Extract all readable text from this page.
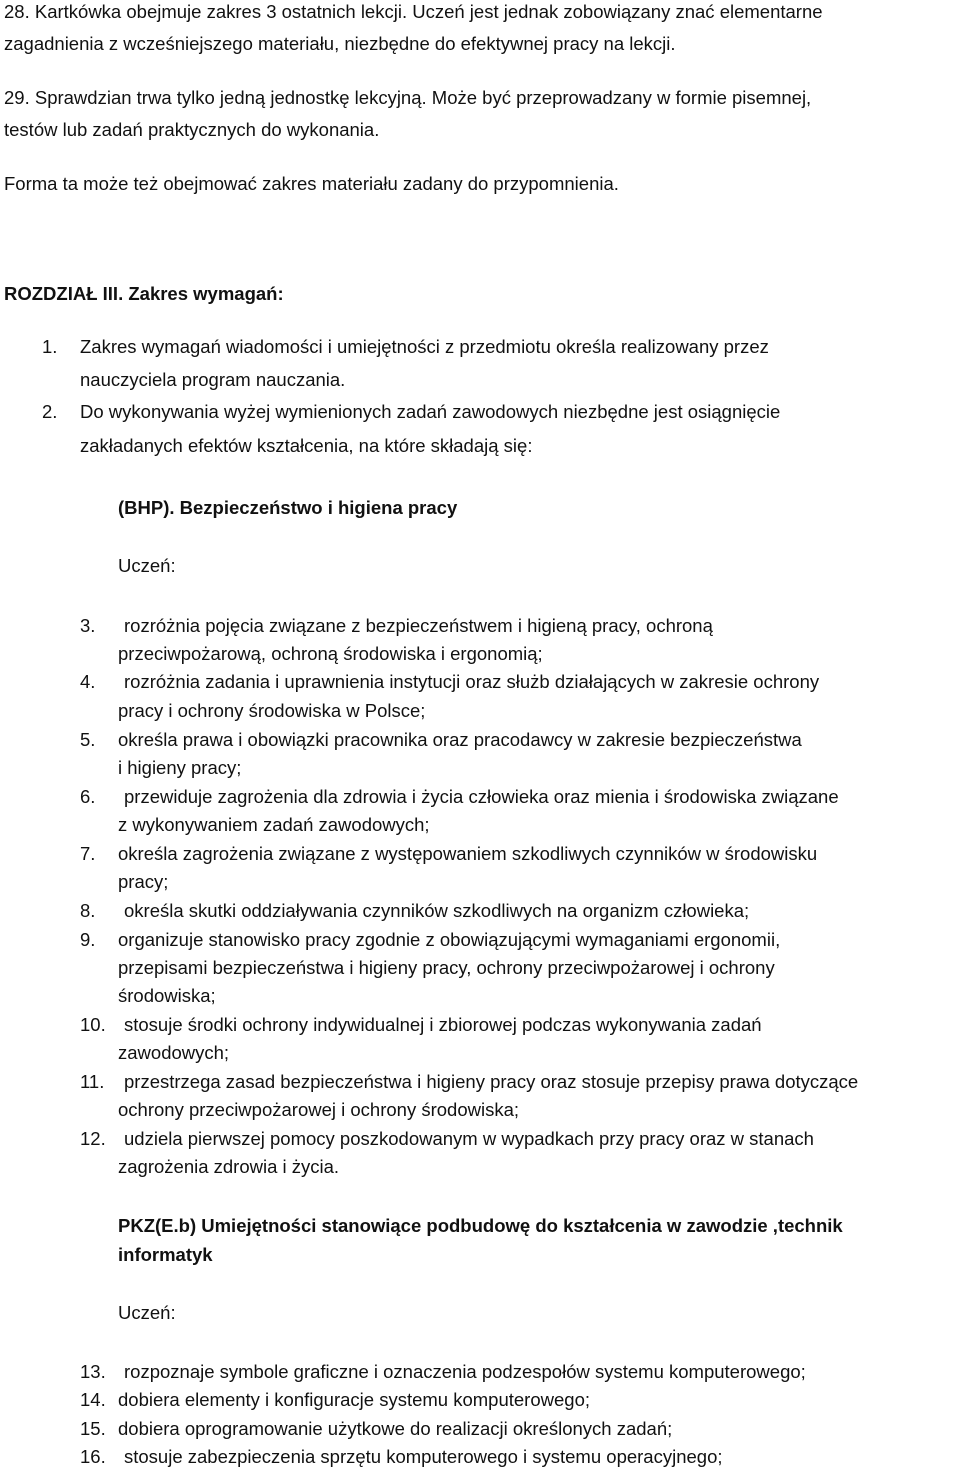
28. Kartkówka obejmuje zakres 3 ostatnich lekcji. Uczeń jest jednak zobowiązany znać elementarne
zagadnienia z wcześniejszego materiału, niezbędne do efektywnej pracy na lekcji.
29. Sprawdzian trwa tylko jedną jednostkę lekcyjną. Może być przeprowadzany w formie pisemnej,
testów lub zadań praktycznych do wykonania.
Forma ta może też obejmować zakres materiału zadany do przypomnienia.
ROZDZIAŁ III. Zakres wymagań:
1. Zakres wymagań wiadomości i umiejętności z przedmiotu określa realizowany przez
nauczyciela program nauczania.
2. Do wykonywania wyżej wymienionych zadań zawodowych niezbędne jest osiągnięcie
zakładanych efektów kształcenia, na które składają się:
(BHP). Bezpieczeństwo i higiena pracy
Uczeń:
3. rozróżnia pojęcia związane z bezpieczeństwem i higieną pracy, ochroną
przeciwpożarową, ochroną środowiska i ergonomią;
4. rozróżnia zadania i uprawnienia instytucji oraz służb działających w zakresie ochrony
pracy i ochrony środowiska w Polsce;
5. określa prawa i obowiązki pracownika oraz pracodawcy w zakresie bezpieczeństwa
i higieny pracy;
6. przewiduje zagrożenia dla zdrowia i życia człowieka oraz mienia i środowiska związane
z wykonywaniem zadań zawodowych;
7. określa zagrożenia związane z występowaniem szkodliwych czynników w środowisku
pracy;
8. określa skutki oddziaływania czynników szkodliwych na organizm człowieka;
9. organizuje stanowisko pracy zgodnie z obowiązującymi wymaganiami ergonomii,
przepisami bezpieczeństwa i higieny pracy, ochrony przeciwpożarowej i ochrony
środowiska;
10. stosuje środki ochrony indywidualnej i zbiorowej podczas wykonywania zadań
zawodowych;
11. przestrzega zasad bezpieczeństwa i higieny pracy oraz stosuje przepisy prawa dotyczące
ochrony przeciwpożarowej i ochrony środowiska;
12. udziela pierwszej pomocy poszkodowanym w wypadkach przy pracy oraz w stanach
zagrożenia zdrowia i życia.
PKZ(E.b) Umiejętności stanowiące podbudowę do kształcenia w zawodzie ,technik
informatyk
Uczeń:
13. rozpoznaje symbole graficzne i oznaczenia podzespołów systemu komputerowego;
14. dobiera elementy i konfiguracje systemu komputerowego;
15. dobiera oprogramowanie użytkowe do realizacji określonych zadań;
16. stosuje zabezpieczenia sprzętu komputerowego i systemu operacyjnego;
